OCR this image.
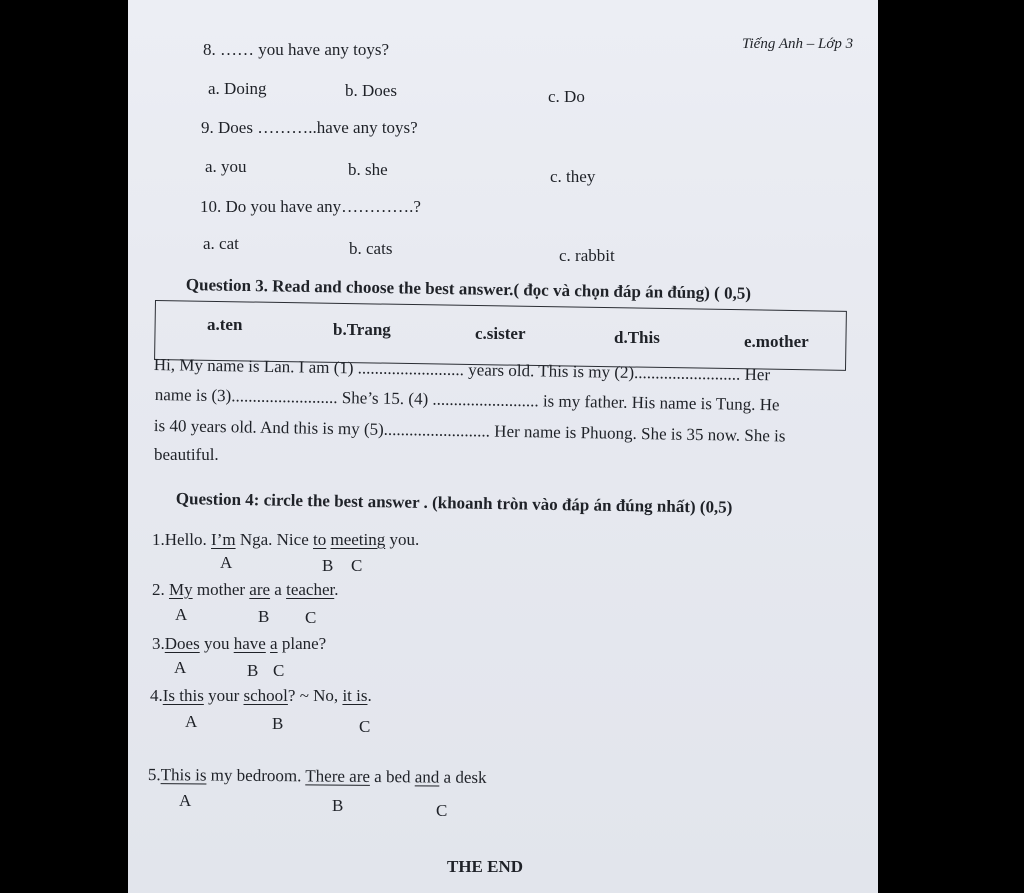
Tiếng Anh – Lớp 3
8. …… you have any toys?
a. Doing	b. Does	c. Do
9. Does ………..have any toys?
a. you	b. she	c. they
10. Do you have any………….?
a. cat	b. cats	c. rabbit
Question 3. Read and choose the best answer.( đọc và chọn đáp án đúng) ( 0,5)
a.ten	b.Trang	c.sister	d.This	e.mother
Hi, My name is Lan. I am (1) ......................... years old. This is my (2)......................... Her
name is (3)......................... She’s 15. (4) ......................... is my father. His name is Tung. He
is 40 years old. And this is my (5)......................... Her name is Phuong. She is 35 now. She is
beautiful.
Question 4: circle the best answer . (khoanh tròn vào đáp án đúng nhất) (0,5)
1.Hello. I’m Nga. Nice to meeting you.
A	B C
2. My mother are a teacher.
A	B C
3.Does you have a plane?
A	B C
4.Is this your school? ~ No, it is.
A	B	C
5.This is my bedroom. There are a bed and a desk
A	B	C
THE END
